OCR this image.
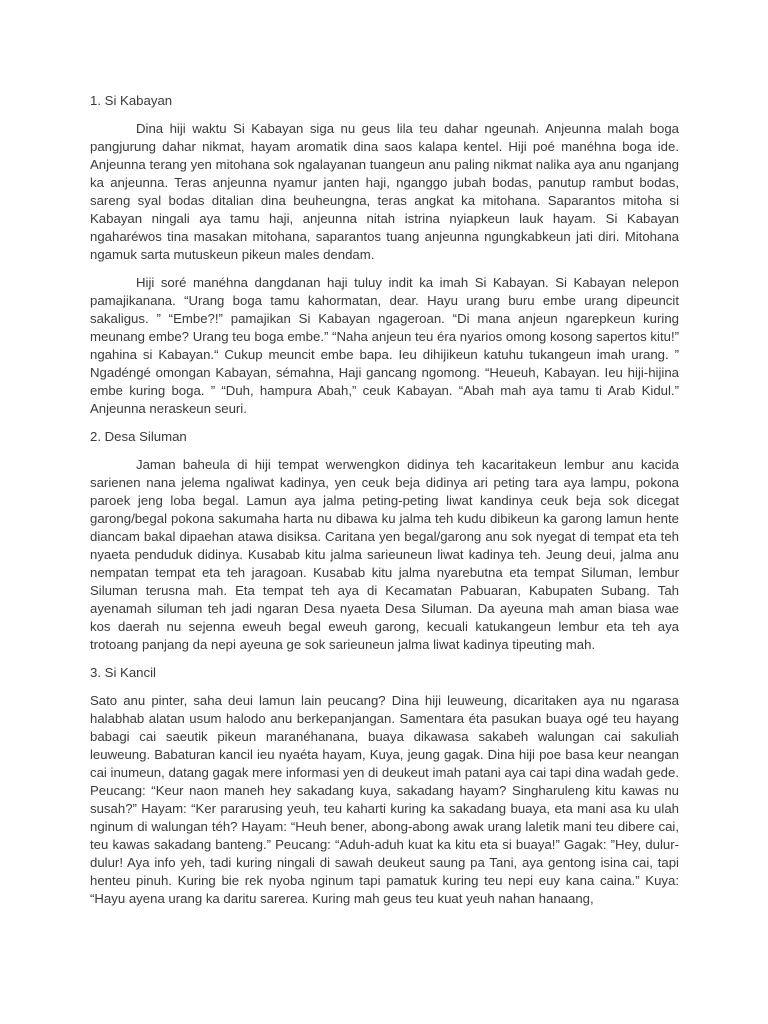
1. Si Kabayan

Dina hiji waktu Si Kabayan siga nu geus lila teu dahar ngeunah. Anjeunna malah boga pangjurung dahar nikmat, hayam aromatik dina saos kalapa kentel. Hiji poé manéhna boga ide. Anjeunna terang yen mitohana sok ngalayanan tuangeun anu paling nikmat nalika aya anu nganjang ka anjeunna. Teras anjeunna nyamur janten haji, nganggo jubah bodas, panutup rambut bodas, sareng syal bodas ditalian dina beuheungna, teras angkat ka mitohana. Saparantos mitoha si Kabayan ningali aya tamu haji, anjeunna nitah istrina nyiapkeun lauk hayam. Si Kabayan ngaharéwos tina masakan mitohana, saparantos tuang anjeunna ngungkabkeun jati diri. Mitohana ngamuk sarta mutuskeun pikeun males dendam.

Hiji soré manéhna dangdanan haji tuluy indit ka imah Si Kabayan. Si Kabayan nelepon pamajikanana. “Urang boga tamu kahormatan, dear. Hayu urang buru embe urang dipeuncit sakaligus. ” “Embe?!” pamajikan Si Kabayan ngageroan. “Di mana anjeun ngarepkeun kuring meunang embe? Urang teu boga embe.” “Naha anjeun teu éra nyarios omong kosong sapertos kitu!” ngahina si Kabayan.“ Cukup meuncit embe bapa. Ieu dihijikeun katuhu tukangeun imah urang. ” Ngadéngé omongan Kabayan, sémahna, Haji gancang ngomong. “Heueuh, Kabayan. Ieu hiji-hijina embe kuring boga. ” “Duh, hampura Abah,” ceuk Kabayan. “Abah mah aya tamu ti Arab Kidul.” Anjeunna neraskeun seuri.

2. Desa Siluman

Jaman baheula di hiji tempat werwengkon didinya teh kacaritakeun lembur anu kacida sarienen nana jelema ngaliwat kadinya, yen ceuk beja didinya ari peting tara aya lampu, pokona paroek jeng loba begal. Lamun aya jalma peting-peting liwat kandinya ceuk beja sok dicegat garong/begal pokona sakumaha harta nu dibawa ku jalma teh kudu dibikeun ka garong lamun hente diancam bakal dipaehan atawa disiksa. Caritana yen begal/garong anu sok nyegat di tempat eta teh nyaeta penduduk didinya. Kusabab kitu jalma sarieuneun liwat kadinya teh. Jeung deui, jalma anu nempatan tempat eta teh jaragoan. Kusabab kitu jalma nyarebutna eta tempat Siluman, lembur Siluman terusna mah. Eta tempat teh aya di Kecamatan Pabuaran, Kabupaten Subang. Tah ayenamah siluman teh jadi ngaran Desa nyaeta Desa Siluman. Da ayeuna mah aman biasa wae kos daerah nu sejenna eweuh begal eweuh garong, kecuali katukangeun lembur eta teh aya trotoang panjang da nepi ayeuna ge sok sarieuneun jalma liwat kadinya tipeuting mah.

3. Si Kancil

Sato anu pinter, saha deui lamun lain peucang? Dina hiji leuweung, dicaritaken aya nu ngarasa halabhab alatan usum halodo anu berkepanjangan. Samentara éta pasukan buaya ogé teu hayang babagi cai saeutik pikeun maranéhanana, buaya dikawasa sakabeh walungan cai sakuliah leuweung. Babaturan kancil ieu nyaéta hayam, Kuya, jeung gagak. Dina hiji poe basa keur neangan cai inumeun, datang gagak mere informasi yen di deukeut imah patani aya cai tapi dina wadah gede. Peucang: “Keur naon maneh hey sakadang kuya, sakadang hayam? Singharuleng kitu kawas nu susah?” Hayam: “Ker pararusing yeuh, teu kaharti kuring ka sakadang buaya, eta mani asa ku ulah nginum di walungan téh? Hayam: “Heuh bener, abong-abong awak urang laletik mani teu dibere cai, teu kawas sakadang banteng.” Peucang: “Aduh-aduh kuat ka kitu eta si buaya!” Gagak: ”Hey, dulur-dulur! Aya info yeh, tadi kuring ningali di sawah deukeut saung pa Tani, aya gentong isina cai, tapi henteu pinuh. Kuring bie rek nyoba nginum tapi pamatuk kuring teu nepi euy kana caina.” Kuya: “Hayu ayena urang ka daritu sarerea. Kuring mah geus teu kuat yeuh nahan hanaang,
